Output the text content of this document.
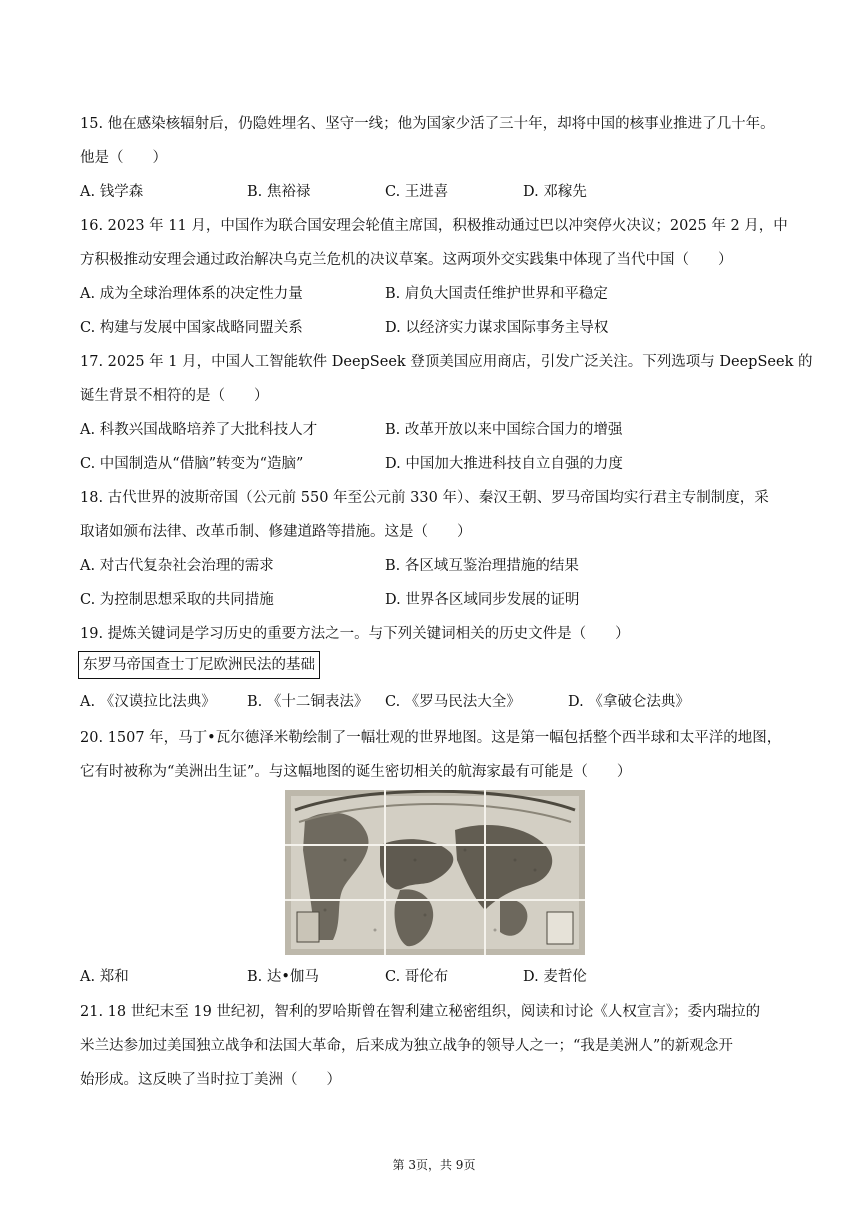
15. 他在感染核辐射后，仍隐姓埋名、坚守一线；他为国家少活了三十年，却将中国的核事业推进了几十年。
他是（　　）
A. 钱学森	B. 焦裕禄	C. 王进喜	D. 邓稼先
16. 2023 年 11 月，中国作为联合国安理会轮值主席国，积极推动通过巴以冲突停火决议；2025 年 2 月，中
方积极推动安理会通过政治解决乌克兰危机的决议草案。这两项外交实践集中体现了当代中国（　　）
A. 成为全球治理体系的决定性力量	B. 肩负大国责任维护世界和平稳定
C. 构建与发展中国家战略同盟关系	D. 以经济实力谋求国际事务主导权
17. 2025 年 1 月，中国人工智能软件 DeepSeek 登顶美国应用商店，引发广泛关注。下列选项与 DeepSeek 的
诞生背景不相符的是（　　）
A. 科教兴国战略培养了大批科技人才	B. 改革开放以来中国综合国力的增强
C. 中国制造从“借脑”转变为“造脑”	D. 中国加大推进科技自立自强的力度
18. 古代世界的波斯帝国（公元前 550 年至公元前 330 年）、秦汉王朝、罗马帝国均实行君主专制制度，采
取诸如颁布法律、改革币制、修建道路等措施。这是（　　）
A. 对古代复杂社会治理的需求	B. 各区域互鉴治理措施的结果
C. 为控制思想采取的共同措施	D. 世界各区域同步发展的证明
19. 提炼关键词是学习历史的重要方法之一。与下列关键词相关的历史文件是（　　）
东罗马帝国查士丁尼欧洲民法的基础
A. 《汉谟拉比法典》 B. 《十二铜表法》 C. 《罗马民法大全》	D. 《拿破仑法典》
20. 1507 年，马丁•瓦尔德泽米勒绘制了一幅壮观的世界地图。这是第一幅包括整个西半球和太平洋的地图，
它有时被称为“美洲出生证”。与这幅地图的诞生密切相关的航海家最有可能是（　　）
A. 郑和	B. 达•伽马	C. 哥伦布	D. 麦哲伦
21. 18 世纪末至 19 世纪初，智利的罗哈斯曾在智利建立秘密组织，阅读和讨论《人权宣言》；委内瑞拉的
米兰达参加过美国独立战争和法国大革命，后来成为独立战争的领导人之一；“我是美洲人”的新观念开
始形成。这反映了当时拉丁美洲（　　）
第 3页，共 9页
